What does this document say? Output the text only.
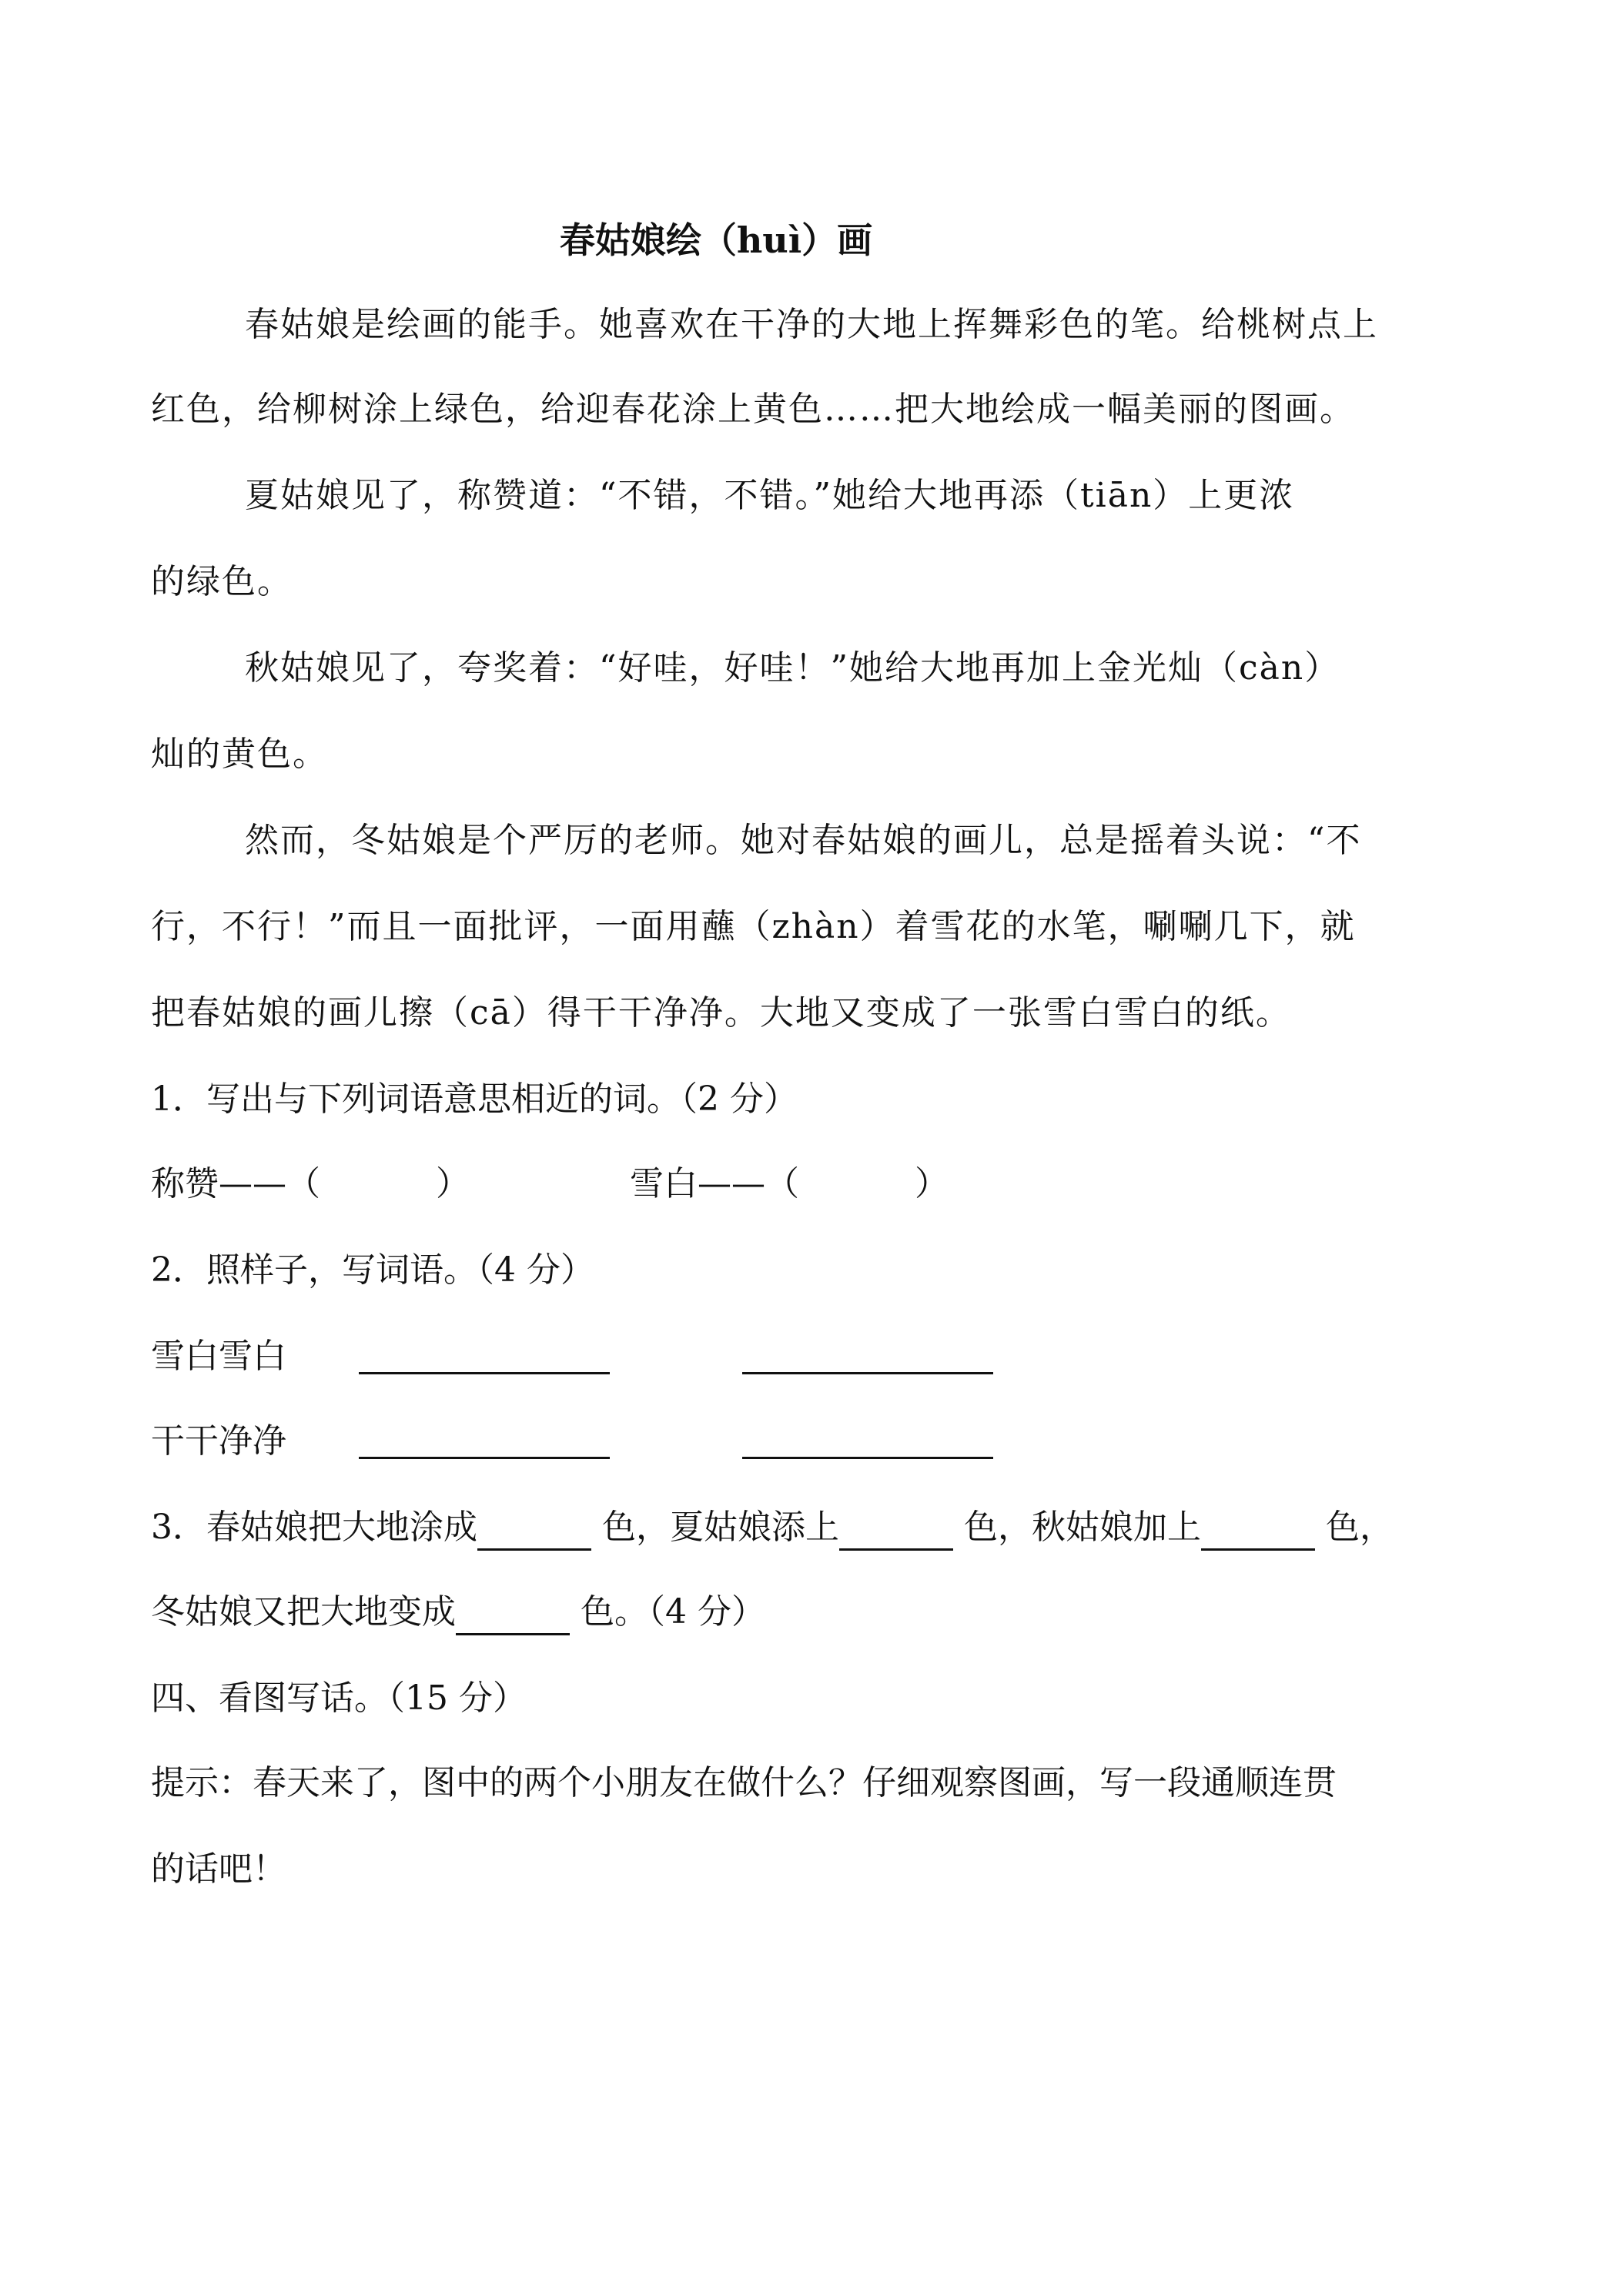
春姑娘绘（huì）画
春姑娘是绘画的能手。她喜欢在干净的大地上挥舞彩色的笔。给桃树点上
红色，给柳树涂上绿色，给迎春花涂上黄色……把大地绘成一幅美丽的图画。
夏姑娘见了，称赞道：“不错，不错。”她给大地再添（tiān）上更浓
的绿色。
秋姑娘见了，夸奖着：“好哇，好哇！”她给大地再加上金光灿（càn）
灿的黄色。
然而，冬姑娘是个严厉的老师。她对春姑娘的画儿，总是摇着头说：“不
行，不行！”而且一面批评，一面用蘸（zhàn）着雪花的水笔，唰唰几下，就
把春姑娘的画儿擦（cā）得干干净净。大地又变成了一张雪白雪白的纸。
1．写出与下列词语意思相近的词。（2 分）
称赞——（	）	雪白——（	）
2．照样子，写词语。（4 分）
雪白雪白
干干净净
3．春姑娘把大地涂成	色，夏姑娘添上	色，秋姑娘加上	色，
冬姑娘又把大地变成	色。（4 分）
四、看图写话。（15 分）
提示：春天来了，图中的两个小朋友在做什么？仔细观察图画，写一段通顺连贯
的话吧！
